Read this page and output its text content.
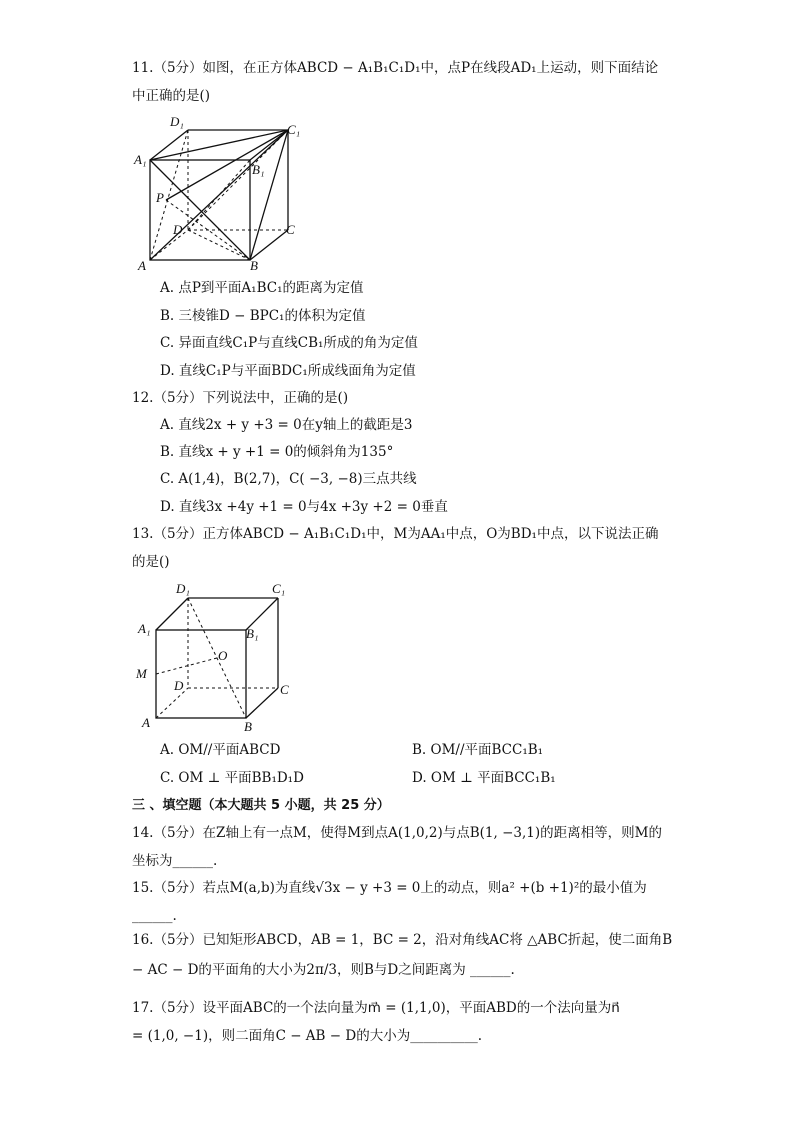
11.（5分）如图，在正方体ABCD − A₁B₁C₁D₁中，点P在线段AD₁上运动，则下面结论
中正确的是()
D₁
C₁
A₁
B₁
P
D	C
A	B
A. 点P到平面A₁BC₁的距离为定值
B. 三棱锥D − BPC₁的体积为定值
C. 异面直线C₁P与直线CB₁所成的角为定值
D. 直线C₁P与平面BDC₁所成线面角为定值
12.（5分）下列说法中，正确的是()
A. 直线2x + y +3 = 0在y轴上的截距是3
B. 直线x + y +1 = 0的倾斜角为135°
C. A(1,4)，B(2,7)，C( −3, −8)三点共线
D. 直线3x +4y +1 = 0与4x +3y +2 = 0垂直
13.（5分）正方体ABCD − A₁B₁C₁D₁中，M为AA₁中点，O为BD₁中点，以下说法正确
的是()
D₁	C₁
A₁	B₁
M
O
D	C
A	B
A. OM//平面ABCD	B. OM//平面BCC₁B₁
C. OM ⊥ 平面BB₁D₁D	D. OM ⊥ 平面BCC₁B₁
三 、填空题（本大题共 5 小题，共 25 分）
14.（5分）在Z轴上有一点M，使得M到点A(1,0,2)与点B(1, −3,1)的距离相等，则M的
坐标为______.
15.（5分）若点M(a,b)为直线√3x − y +3 = 0上的动点，则a² +(b +1)²的最小值为
______.
16.（5分）已知矩形ABCD，AB = 1，BC = 2，沿对角线AC将 △ABC折起，使二面角B
− AC − D的平面角的大小为2π/3，则B与D之间距离为 ______.
17.（5分）设平面ABC的一个法向量为m⃗ = (1,1,0)，平面ABD的一个法向量为n⃗
= (1,0, −1)，则二面角C − AB − D的大小为__________.
